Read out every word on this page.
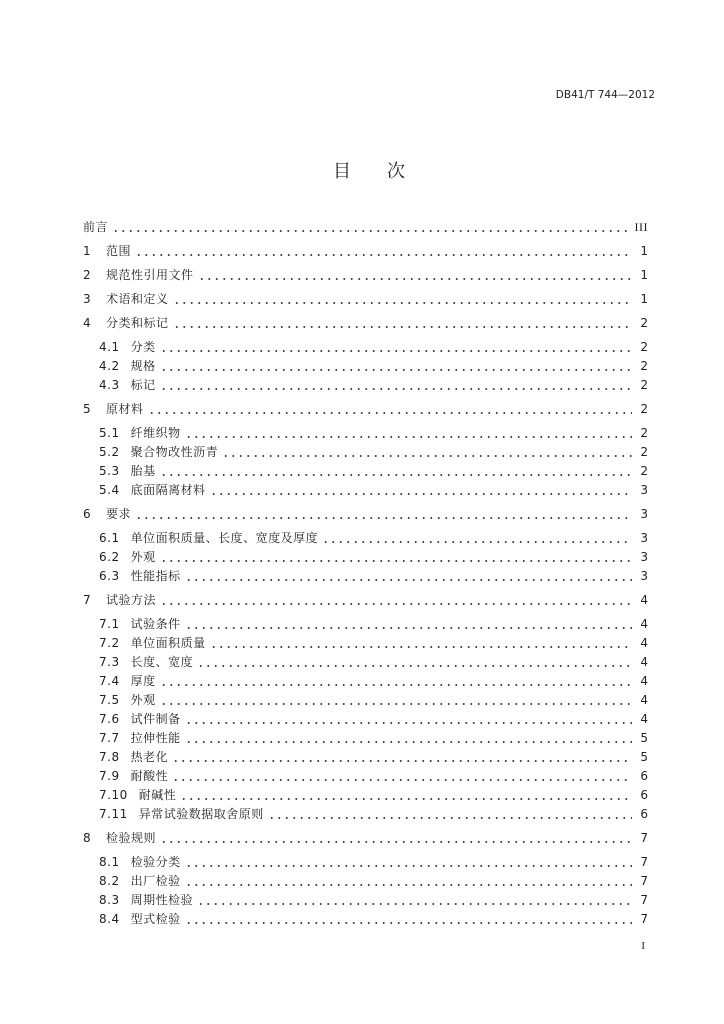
DB41/T 744—2012
目　　次
前言	III
1	范围	1
2	规范性引用文件	1
3	术语和定义	1
4	分类和标记	2
4.1 分类	2
4.2 规格	2
4.3 标记	2
5	原材料	2
5.1 纤维织物	2
5.2 聚合物改性沥青	2
5.3 胎基	2
5.4 底面隔离材料	3
6	要求	3
6.1 单位面积质量、长度、宽度及厚度	3
6.2 外观	3
6.3 性能指标	3
7	试验方法	4
7.1 试验条件	4
7.2 单位面积质量	4
7.3 长度、宽度	4
7.4 厚度	4
7.5 外观	4
7.6 试件制备	4
7.7 拉伸性能	5
7.8 热老化	5
7.9 耐酸性	6
7.10 耐碱性	6
7.11 异常试验数据取舍原则	6
8	检验规则	7
8.1 检验分类	7
8.2 出厂检验	7
8.3 周期性检验	7
8.4 型式检验	7
I
